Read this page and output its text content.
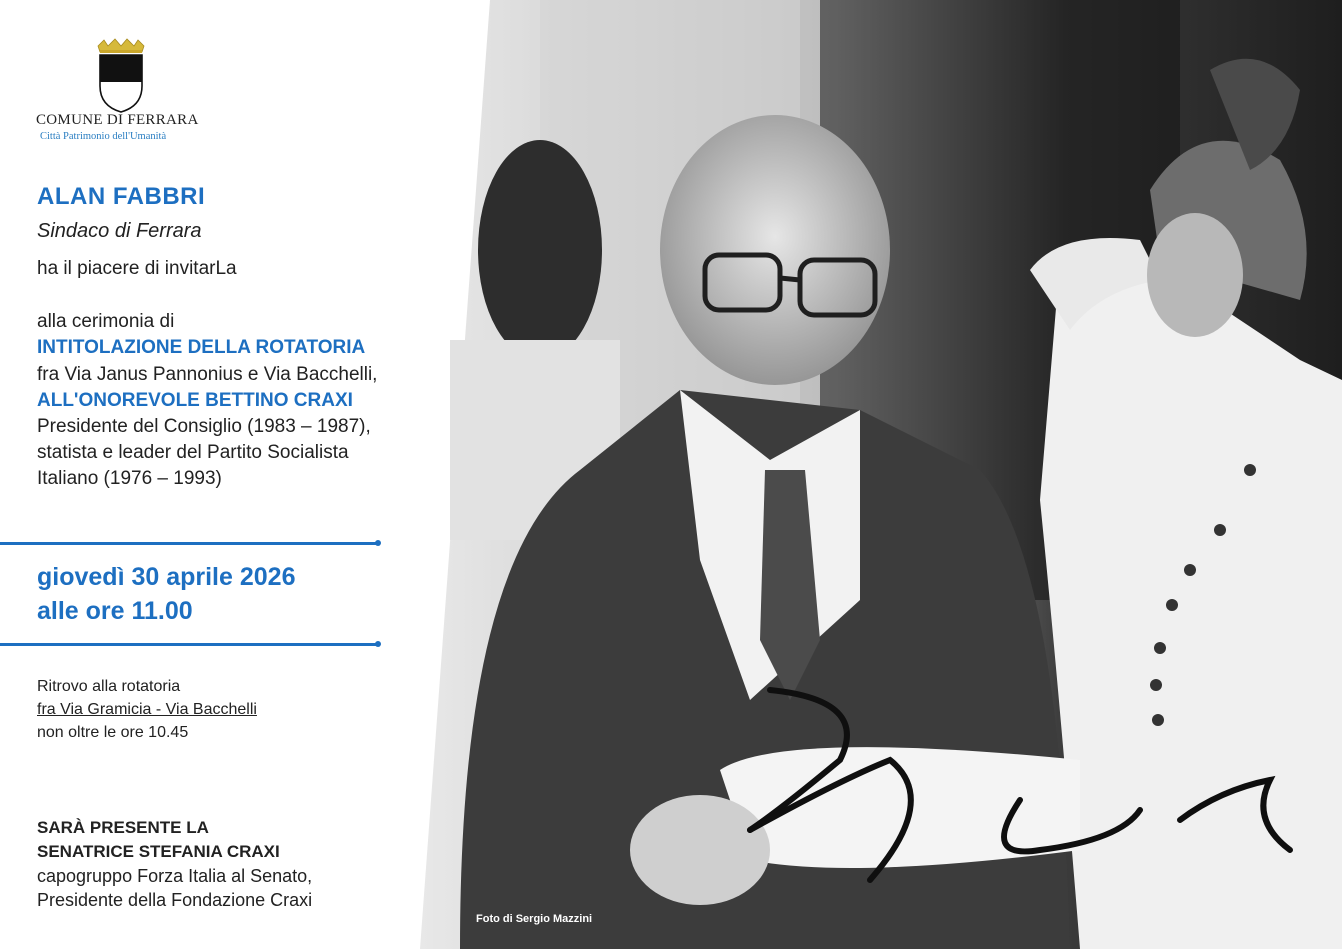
COMUNE DI FERRARA
Città Patrimonio dell'Umanità
ALAN FABBRI
Sindaco di Ferrara
ha il piacere di invitarLa
alla cerimonia di
INTITOLAZIONE DELLA ROTATORIA
fra Via Janus Pannonius e Via Bacchelli,
ALL'ONOREVOLE BETTINO CRAXI
Presidente del Consiglio (1983 – 1987),
statista e leader del Partito Socialista
Italiano (1976 – 1993)
giovedì 30 aprile 2026
alle ore 11.00
Ritrovo alla rotatoria
fra Via Gramicia - Via Bacchelli
non oltre le ore 10.45
SARÀ PRESENTE LA
SENATRICE STEFANIA CRAXI
capogruppo Forza Italia al Senato,
Presidente della Fondazione Craxi
Foto di Sergio Mazzini
